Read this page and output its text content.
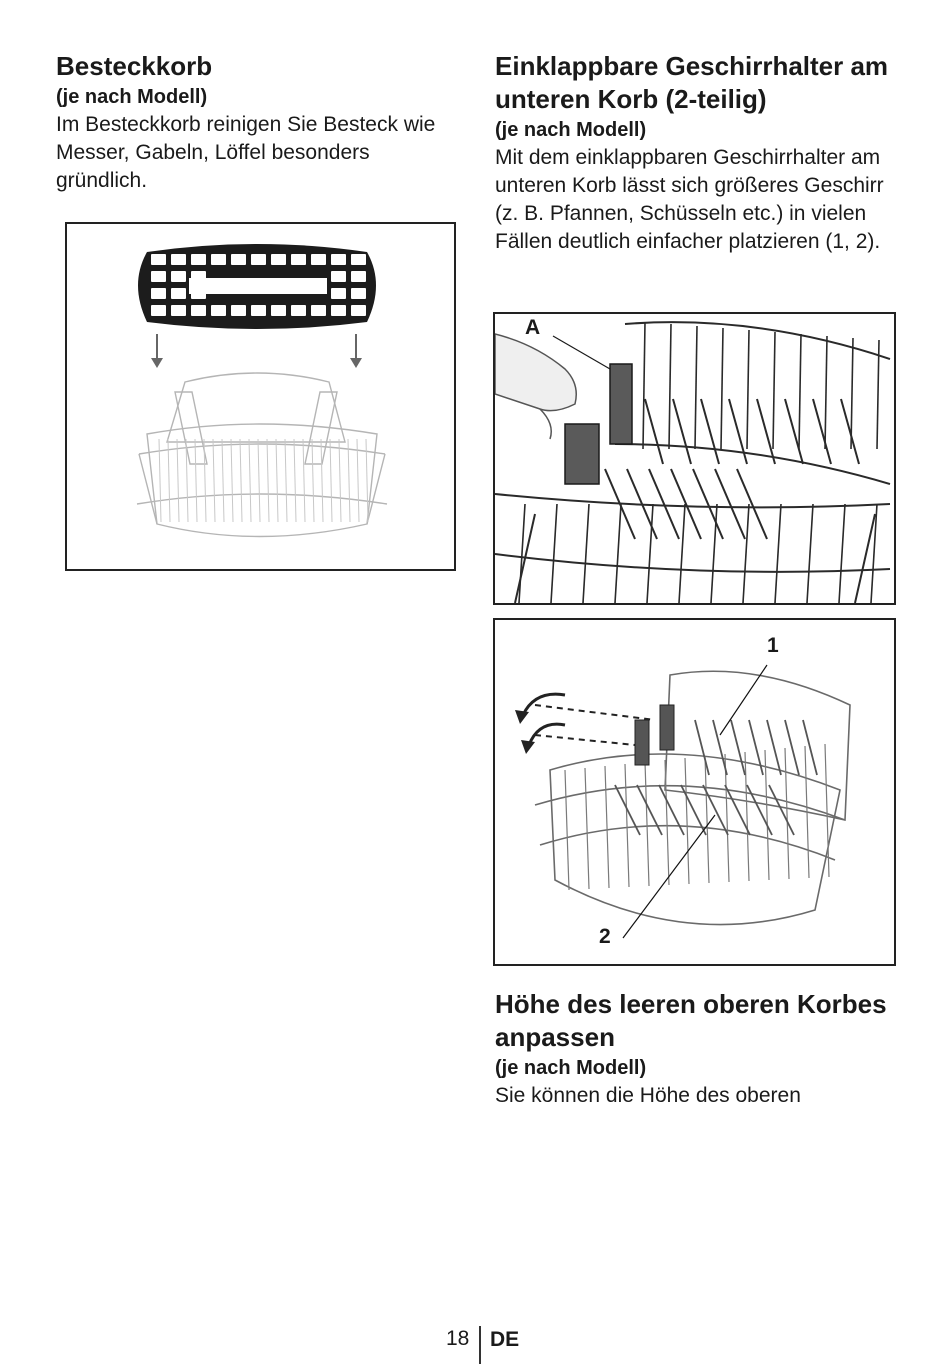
Besteckkorb

(je nach Modell)

Im Besteckkorb reinigen Sie Besteck wie Messer, Gabeln, Löffel besonders gründlich.

Einklappbare Geschirrhalter am unteren Korb (2-teilig)

(je nach Modell)

Mit dem einklappbaren Geschirrhalter am unteren Korb lässt sich größeres Geschirr (z. B. Pfannen, Schüsseln etc.) in vielen Fällen deutlich einfacher platzieren (1, 2).

A
1
2
Höhe des leeren oberen Korbes anpassen

(je nach Modell)

Sie können die Höhe des oberen

18 DE
